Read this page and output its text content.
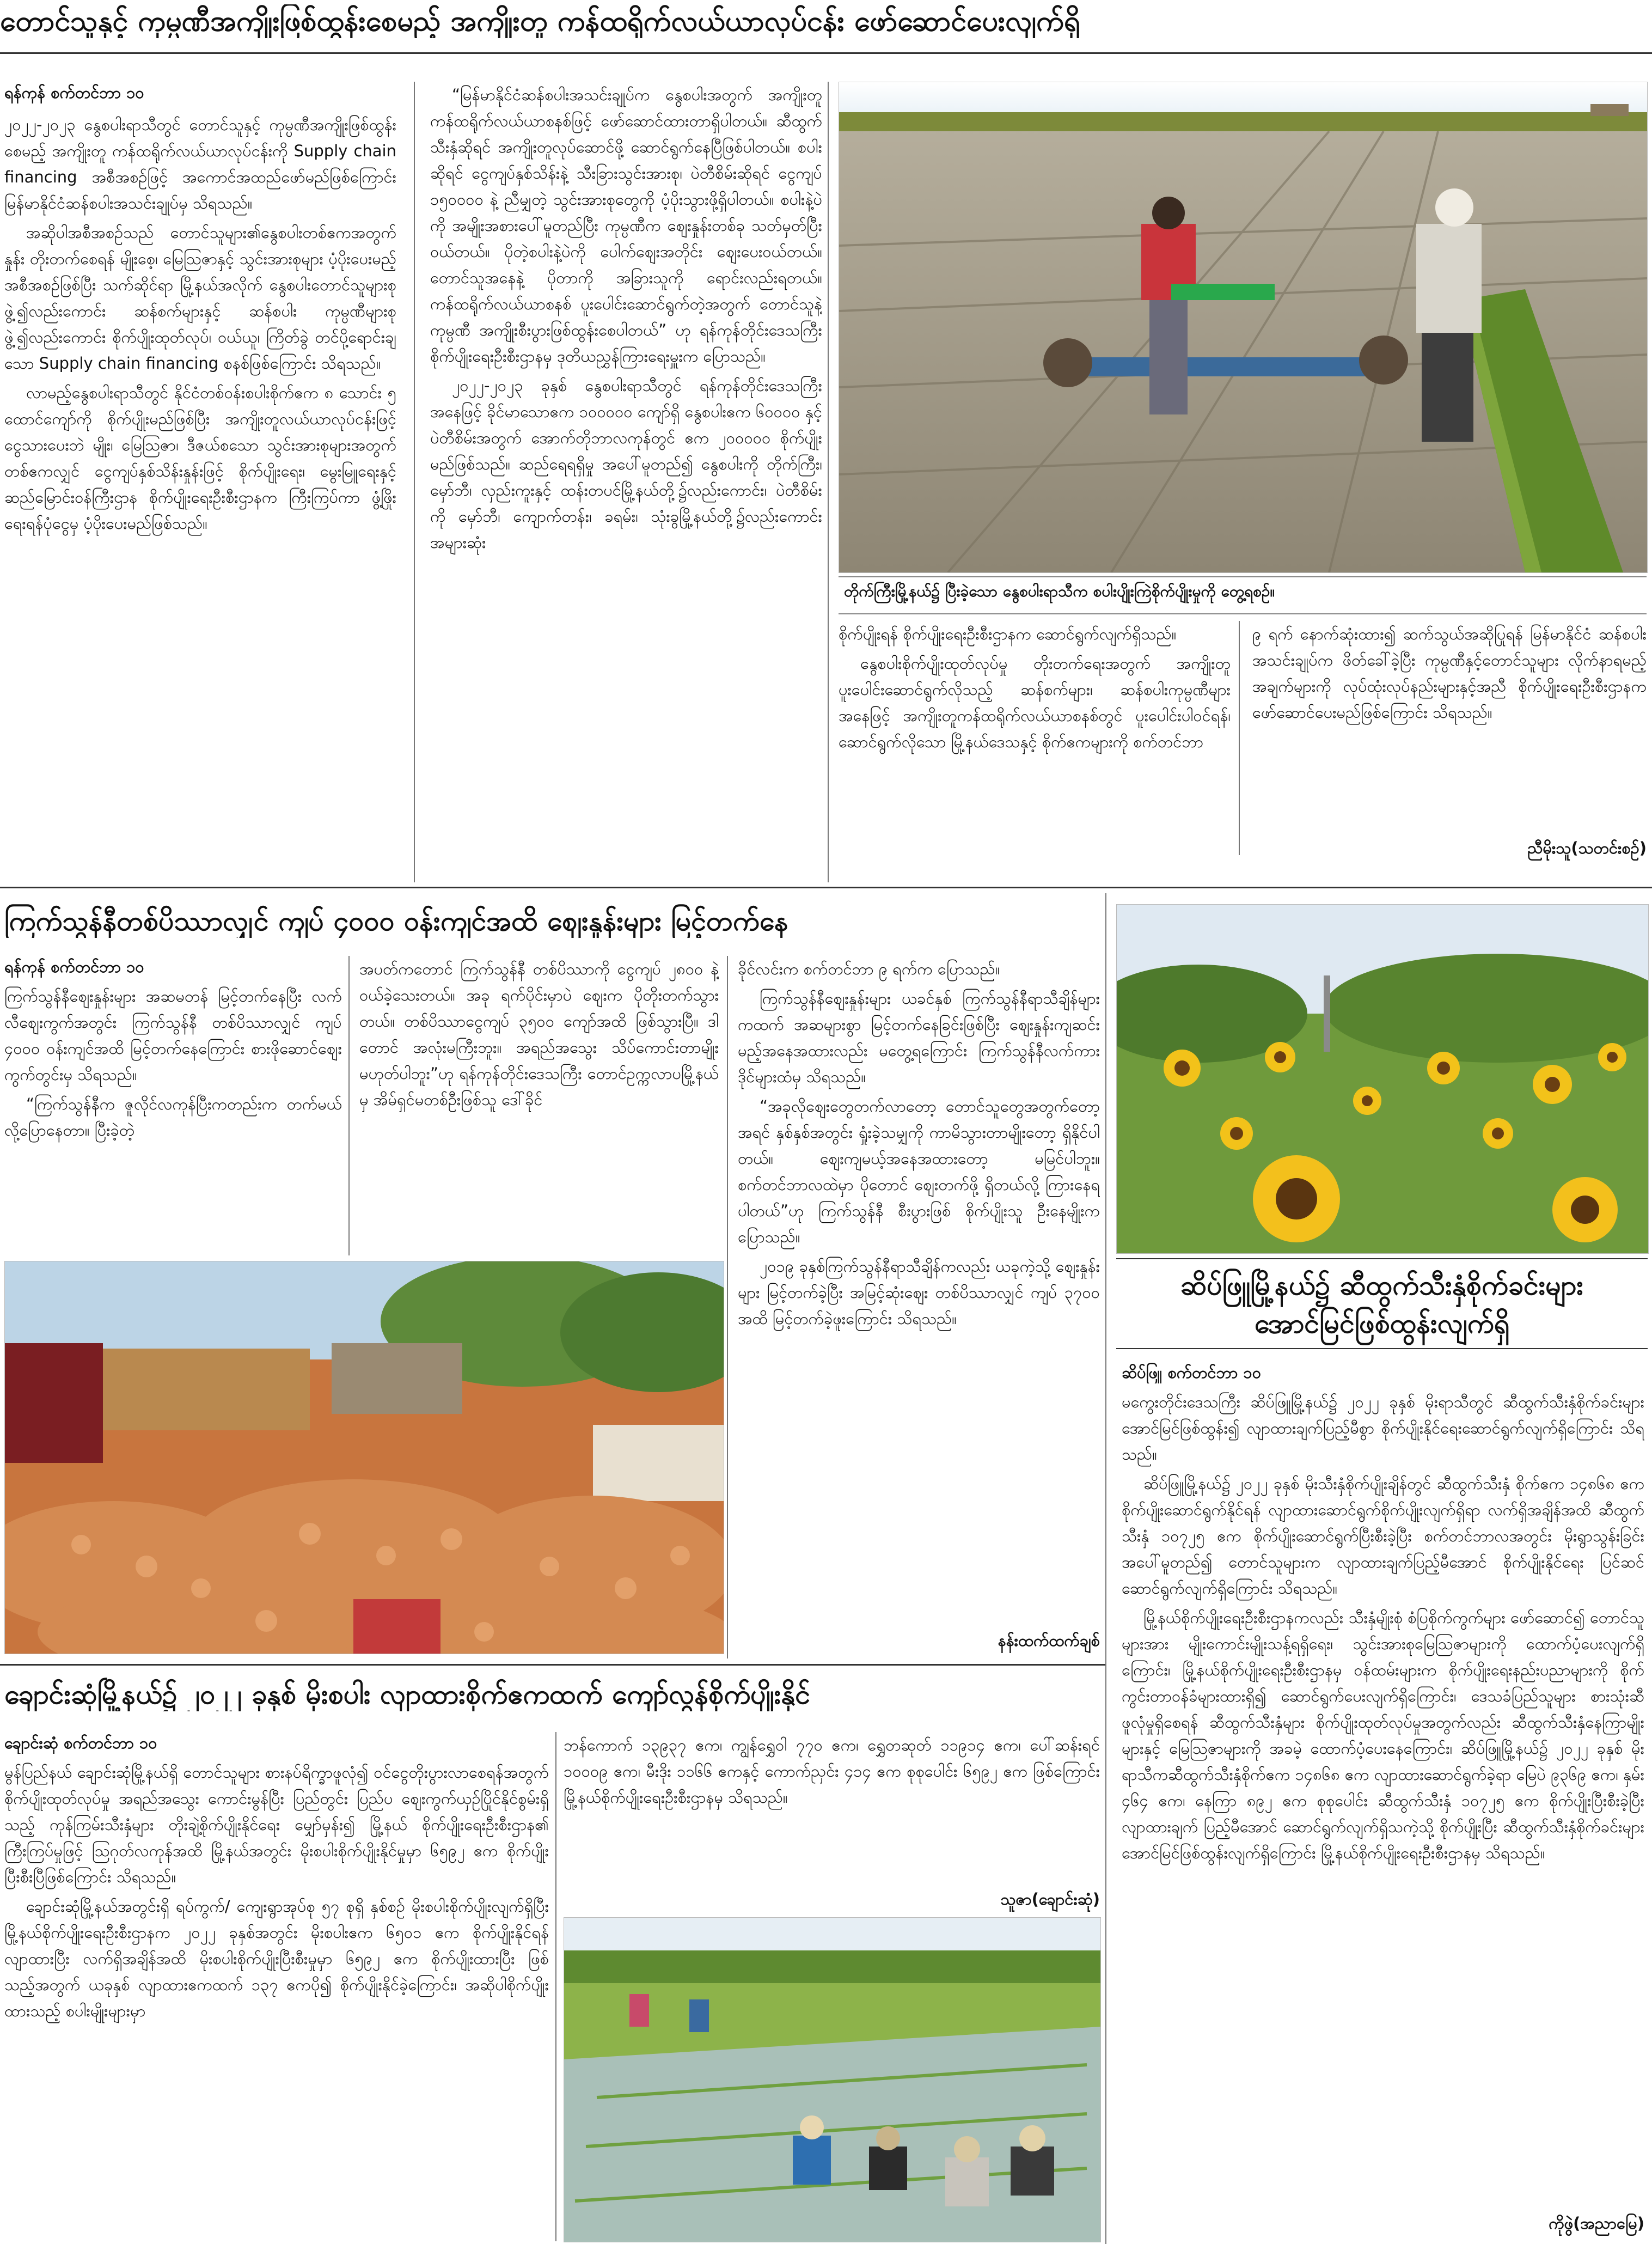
တောင်သူနှင့် ကုမ္ပဏီအကျိုးဖြစ်ထွန်းစေမည့် အကျိုးတူ ကန်ထရိုက်လယ်ယာလုပ်ငန်း ဖော်ဆောင်ပေးလျက်ရှိ

ရန်ကုန် စက်တင်ဘာ ၁၀

၂၀၂၂-၂၀၂၃ နွေစပါးရာသီတွင် တောင်သူနှင့် ကုမ္ပဏီအကျိုးဖြစ်ထွန်းစေမည့် အကျိုးတူ ကန်ထရိုက်လယ်ယာလုပ်ငန်းကို Supply chain financing အစီအစဉ်ဖြင့် အကောင်အထည်ဖော်မည်ဖြစ်ကြောင်း မြန်မာနိုင်ငံဆန်စပါးအသင်းချုပ်မှ သိရသည်။

အဆိုပါအစီအစဉ်သည် တောင်သူများ၏နွေစပါးတစ်ဧကအတွက်နှုန်း တိုးတက်စေရန် မျိုးစေ့၊ မြေသြဇာနှင့် သွင်းအားစုများ ပံ့ပိုးပေးမည့်အစီအစဉ်ဖြစ်ပြီး သက်ဆိုင်ရာ မြို့နယ်အလိုက် နွေစပါးတောင်သူများစုဖွဲ့၍လည်းကောင်း ဆန်စက်များနှင့် ဆန်စပါး ကုမ္ပဏီများစုဖွဲ့၍လည်းကောင်း စိုက်ပျိုးထုတ်လုပ်၊ ဝယ်ယူ၊ ကြိတ်ခွဲ တင်ပို့ရောင်းချသော Supply chain financing စနစ်ဖြစ်ကြောင်း သိရသည်။

လာမည့်နွေစပါးရာသီတွင် နိုင်ငံတစ်ဝန်းစပါးစိုက်ဧက ၈ သောင်း ၅ ထောင်ကျော်ကို စိုက်ပျိုးမည်ဖြစ်ပြီး အကျိုးတူလယ်ယာလုပ်ငန်းဖြင့် ငွေသားပေးဘဲ မျိုး၊ မြေသြဇာ၊ ဒီဇယ်စသော သွင်းအားစုများအတွက် တစ်ဧကလျှင် ငွေကျပ်နှစ်သိန်းနှုန်းဖြင့် စိုက်ပျိုးရေး၊ မွေးမြူရေးနှင့် ဆည်မြောင်းဝန်ကြီးဌာန စိုက်ပျိုးရေးဦးစီးဌာနက ကြီးကြပ်ကာ ဖွံ့ဖြိုးရေးရန်ပုံငွေမှ ပံ့ပိုးပေးမည်ဖြစ်သည်။

“မြန်မာနိုင်ငံဆန်စပါးအသင်းချုပ်က နွေစပါးအတွက် အကျိုးတူကန်ထရိုက်လယ်ယာစနစ်ဖြင့် ဖော်ဆောင်ထားတာရှိပါတယ်။ ဆီထွက်သီးနှံဆိုရင် အကျိုးတူလုပ်ဆောင်ဖို့ ဆောင်ရွက်နေပြီဖြစ်ပါတယ်။ စပါးဆိုရင် ငွေကျပ်နှစ်သိန်းနဲ့ သီးခြားသွင်းအားစု၊ ပဲတီစိမ်းဆိုရင် ငွေကျပ် ၁၅၀၀၀၀ နဲ့ ညီမျှတဲ့ သွင်းအားစုတွေကို ပံ့ပိုးသွားဖို့ရှိပါတယ်။ စပါးနဲ့ပဲကို အမျိုးအစားပေါ်မူတည်ပြီး ကုမ္ပဏီက စျေးနှုန်းတစ်ခု သတ်မှတ်ပြီးဝယ်တယ်။ ပိုတဲ့စပါးနဲ့ပဲကို ပေါက်စျေးအတိုင်း စျေးပေးဝယ်တယ်။ တောင်သူအနေနဲ့ ပိုတာကို အခြားသူကို ရောင်းလည်းရတယ်။ ကန်ထရိုက်လယ်ယာစနစ် ပူးပေါင်းဆောင်ရွက်တဲ့အတွက် တောင်သူနဲ့ ကုမ္ပဏီ အကျိုးစီးပွားဖြစ်ထွန်းစေပါတယ်” ဟု ရန်ကုန်တိုင်းဒေသကြီး စိုက်ပျိုးရေးဦးစီးဌာနမှ ဒုတိယညွှန်ကြားရေးမှူးက ပြောသည်။

၂၀၂၂-၂၀၂၃ ခုနှစ် နွေစပါးရာသီတွင် ရန်ကုန်တိုင်းဒေသကြီးအနေဖြင့် ခိုင်မာသောဧက ၁၀၀၀၀၀ ကျော်ရှိ နွေစပါးဧက ၆၀၀၀၀ နှင့် ပဲတီစိမ်းအတွက် အောက်တိုဘာလကုန်တွင် ဧက ၂၀၀၀၀၀ စိုက်ပျိုးမည်ဖြစ်သည်။ ဆည်ရေရရှိမှု အပေါ်မူတည်၍ နွေစပါးကို တိုက်ကြီး၊ မှော်ဘီ၊ လှည်းကူးနှင့် ထန်းတပင်မြို့နယ်တို့၌လည်းကောင်း၊ ပဲတီစိမ်းကို မှော်ဘီ၊ ကျောက်တန်း၊ ခရမ်း၊ သုံးခွမြို့နယ်တို့၌လည်းကောင်း အများဆုံး

တိုက်ကြီးမြို့နယ်၌ ပြီးခဲ့သော နွေစပါးရာသီက စပါးပျိုးကြဲစိုက်ပျိုးမှုကို တွေ့ရစဉ်။

စိုက်ပျိုးရန် စိုက်ပျိုးရေးဦးစီးဌာနက ဆောင်ရွက်လျက်ရှိသည်။

နွေစပါးစိုက်ပျိုးထုတ်လုပ်မှု တိုးတက်ရေးအတွက် အကျိုးတူပူးပေါင်းဆောင်ရွက်လိုသည့် ဆန်စက်များ၊ ဆန်စပါးကုမ္ပဏီများအနေဖြင့် အကျိုးတူကန်ထရိုက်လယ်ယာစနစ်တွင် ပူးပေါင်းပါဝင်ရန်၊ ဆောင်ရွက်လိုသော မြို့နယ်ဒေသနှင့် စိုက်ဧကများကို စက်တင်ဘာ

၉ ရက် နောက်ဆုံးထား၍ ဆက်သွယ်အဆိုပြုရန် မြန်မာနိုင်ငံ ဆန်စပါးအသင်းချုပ်က ဖိတ်ခေါ်ခဲ့ပြီး ကုမ္ပဏီနှင့်တောင်သူများ လိုက်နာရမည့် အချက်များကို လုပ်ထုံးလုပ်နည်းများနှင့်အညီ စိုက်ပျိုးရေးဦးစီးဌာနက ဖော်ဆောင်ပေးမည်ဖြစ်ကြောင်း သိရသည်။

ညီမိုးသူ(သတင်းစဉ်)

ကြက်သွန်နီတစ်ပိဿာလျှင် ကျပ် ၄၀၀၀ ဝန်းကျင်အထိ စျေးနှုန်းများ မြင့်တက်နေ

ရန်ကုန် စက်တင်ဘာ ၁၀

ကြက်သွန်နီစျေးနှုန်းများ အဆမတန် မြင့်တက်နေပြီး လက်လီစျေးကွက်အတွင်း ကြက်သွန်နီ တစ်ပိဿာလျှင် ကျပ် ၄၀၀၀ ဝန်းကျင်အထိ မြင့်တက်နေကြောင်း စားဖိုဆောင်စျေးကွက်တွင်းမှ သိရသည်။

“ကြက်သွန်နီက ဇူလိုင်လကုန်ပြီးကတည်းက တက်မယ်လို့ပြောနေတာ။ ပြီးခဲ့တဲ့

အပတ်ကတောင် ကြက်သွန်နီ တစ်ပိဿာကို ငွေကျပ် ၂၈၀၀ နဲ့ ဝယ်ခဲ့သေးတယ်။ အခု ရက်ပိုင်းမှာပဲ စျေးက ပိုတိုးတက်သွားတယ်။ တစ်ပိဿာငွေကျပ် ၃၅၀၀ ကျော်အထိ ဖြစ်သွားပြီ။ ဒါတောင် အလုံးမကြီးဘူး။ အရည်အသွေး သိပ်ကောင်းတာမျိုး မဟုတ်ပါဘူး”ဟု ရန်ကုန်တိုင်းဒေသကြီး တောင်ဥက္ကလာပမြို့နယ်မှ အိမ်ရှင်မတစ်ဦးဖြစ်သူ ဒေါ်ခိုင်

ခိုင်လင်းက စက်တင်ဘာ ၉ ရက်က ပြောသည်။

ကြက်သွန်နီစျေးနှုန်းများ ယခင်နှစ် ကြက်သွန်နီရာသီချိန်များကထက် အဆများစွာ မြင့်တက်နေခြင်းဖြစ်ပြီး စျေးနှုန်းကျဆင်းမည့်အနေအထားလည်း မတွေ့ရကြောင်း ကြက်သွန်နီလက်ကားဒိုင်များထံမှ သိရသည်။

“အခုလိုစျေးတွေတက်လာတော့ တောင်သူတွေအတွက်တော့ အရင် နှစ်နှစ်အတွင်း ရှုံးခဲ့သမျှကို ကာမိသွားတာမျိုးတော့ ရှိနိုင်ပါတယ်။ စျေးကျမယ့်အနေအထားတော့ မမြင်ပါဘူး။ စက်တင်ဘာလထဲမှာ ပိုတောင် စျေးတက်ဖို့ ရှိတယ်လို့ ကြားနေရပါတယ်”ဟု ကြက်သွန်နီ စီးပွားဖြစ် စိုက်ပျိုးသူ ဦးနေမျိုးက ပြောသည်။

၂၀၁၉ ခုနှစ်ကြက်သွန်နီရာသီချိန်ကလည်း ယခုကဲ့သို့ စျေးနှုန်းများ မြင့်တက်ခဲ့ပြီး အမြင့်ဆုံးစျေး တစ်ပိဿာလျှင် ကျပ် ၃၇၀၀ အထိ မြင့်တက်ခဲ့ဖူးကြောင်း သိရသည်။

နန်းထက်ထက်ချစ်

ဆိပ်ဖြူမြို့နယ်၌ ဆီထွက်သီးနှံစိုက်ခင်းများ
အောင်မြင်ဖြစ်ထွန်းလျက်ရှိ

ဆိပ်ဖြူ စက်တင်ဘာ ၁၀

မကွေးတိုင်းဒေသကြီး ဆိပ်ဖြူမြို့နယ်၌ ၂၀၂၂ ခုနှစ် မိုးရာသီတွင် ဆီထွက်သီးနှံစိုက်ခင်းများအောင်မြင်ဖြစ်ထွန်း၍ လျာထားချက်ပြည့်မီစွာ စိုက်ပျိုးနိုင်ရေးဆောင်ရွက်လျက်ရှိကြောင်း သိရသည်။

ဆိပ်ဖြူမြို့နယ်၌ ၂၀၂၂ ခုနှစ် မိုးသီးနှံစိုက်ပျိုးချိန်တွင် ဆီထွက်သီးနှံ စိုက်ဧက ၁၄၈၆၈ ဧက စိုက်ပျိုးဆောင်ရွက်နိုင်ရန် လျာထားဆောင်ရွက်စိုက်ပျိုးလျက်ရှိရာ လက်ရှိအချိန်အထိ ဆီထွက်သီးနှံ ၁၀၇၂၅ ဧက စိုက်ပျိုးဆောင်ရွက်ပြီးစီးခဲ့ပြီး စက်တင်ဘာလအတွင်း မိုးရွာသွန်းခြင်းအပေါ်မူတည်၍ တောင်သူများက လျာထားချက်ပြည့်မီအောင် စိုက်ပျိုးနိုင်ရေး ပြင်ဆင်ဆောင်ရွက်လျက်ရှိကြောင်း သိရသည်။

မြို့နယ်စိုက်ပျိုးရေးဦးစီးဌာနကလည်း သီးနှံမျိုးစုံ စံပြစိုက်ကွက်များ ဖော်ဆောင်၍ တောင်သူများအား မျိုးကောင်းမျိုးသန့်ရရှိရေး၊ သွင်းအားစုမြေသြဇာများကို ထောက်ပံ့ပေးလျက်ရှိကြောင်း၊ မြို့နယ်စိုက်ပျိုးရေးဦးစီးဌာနမှ ဝန်ထမ်းများက စိုက်ပျိုးရေးနည်းပညာများကို စိုက်ကွင်းတာဝန်ခံများထားရှိ၍ ဆောင်ရွက်ပေးလျက်ရှိကြောင်း၊ ဒေသခံပြည်သူများ စားသုံးဆီဖူလုံမှုရှိစေရန် ဆီထွက်သီးနှံများ စိုက်ပျိုးထုတ်လုပ်မှုအတွက်လည်း ဆီထွက်သီးနှံနေကြာမျိုးများနှင့် မြေသြဇာများကို အခမဲ့ ထောက်ပံ့ပေးနေကြောင်း၊ ဆိပ်ဖြူမြို့နယ်၌ ၂၀၂၂ ခုနှစ် မိုးရာသီကဆီထွက်သီးနှံစိုက်ဧက ၁၄၈၆၈ ဧက လျာထားဆောင်ရွက်ခဲ့ရာ မြေပဲ ၉၃၆၉ ဧက၊ နှမ်း ၄၆၄ ဧက၊ နေကြာ ၈၉၂ ဧက စုစုပေါင်း ဆီထွက်သီးနှံ ၁၀၇၂၅ ဧက စိုက်ပျိုးပြီးစီးခဲ့ပြီး လျာထားချက် ပြည့်မီအောင် ဆောင်ရွက်လျက်ရှိသကဲ့သို့ စိုက်ပျိုးပြီး ဆီထွက်သီးနှံစိုက်ခင်းများ အောင်မြင်ဖြစ်ထွန်းလျက်ရှိကြောင်း မြို့နယ်စိုက်ပျိုးရေးဦးစီးဌာနမှ သိရသည်။

ကိုဖွဲ(အညာမြေ)

ချောင်းဆုံမြို့နယ်၌ ၂၀၂၂ ခုနှစ် မိုးစပါး လျာထားစိုက်ဧကထက် ကျော်လွန်စိုက်ပျိုးနိုင်

ချောင်းဆုံ စက်တင်ဘာ ၁၀

မွန်ပြည်နယ် ချောင်းဆုံမြို့နယ်ရှိ တောင်သူများ စားနပ်ရိက္ခာဖူလုံ၍ ဝင်ငွေတိုးပွားလာစေရန်အတွက် စိုက်ပျိုးထုတ်လုပ်မှု အရည်အသွေး ကောင်းမွန်ပြီး ပြည်တွင်း ပြည်ပ စျေးကွက်ယှဉ်ပြိုင်နိုင်စွမ်းရှိသည့် ကုန်ကြမ်းသီးနှံများ တိုးချဲ့စိုက်ပျိုးနိုင်ရေး မျှော်မှန်း၍ မြို့နယ် စိုက်ပျိုးရေးဦးစီးဌာန၏ ကြီးကြပ်မှုဖြင့် ဩဂုတ်လကုန်အထိ မြို့နယ်အတွင်း မိုးစပါးစိုက်ပျိုးနိုင်မှုမှာ ၆၅၉၂ ဧက စိုက်ပျိုးပြီးစီးပြီဖြစ်ကြောင်း သိရသည်။

ချောင်းဆုံမြို့နယ်အတွင်းရှိ ရပ်ကွက်/ ကျေးရွာအုပ်စု ၅၇ စုရှိ နှစ်စဉ် မိုးစပါးစိုက်ပျိုးလျက်ရှိပြီး မြို့နယ်စိုက်ပျိုးရေးဦးစီးဌာနက ၂၀၂၂ ခုနှစ်အတွင်း မိုးစပါးဧက ၆၅၀၁ ဧက စိုက်ပျိုးနိုင်ရန် လျာထားပြီး လက်ရှိအချိန်အထိ မိုးစပါးစိုက်ပျိုးပြီးစီးမှုမှာ ၆၅၉၂ ဧက စိုက်ပျိုးထားပြီး ဖြစ်သည့်အတွက် ယခုနှစ် လျာထားဧကထက် ၁၃၇ ဧကပို၍ စိုက်ပျိုးနိုင်ခဲ့ကြောင်း၊ အဆိုပါစိုက်ပျိုးထားသည့် စပါးမျိုးများမှာ

ဘန်ကောက် ၁၃၉၃၇ ဧက၊ ကျွန်ရွှေဝါ ၇၇၀ ဧက၊ ရွှေတဆုတ် ၁၁၉၁၄ ဧက၊ ပေါ်ဆန်းရင် ၁၀၀၀၉ ဧက၊ မီးဒိုး ၁၁၆၆ ဧကနှင့် ကောက်ညှင်း ၄၁၄ ဧက စုစုပေါင်း ၆၅၉၂ ဧက ဖြစ်ကြောင်း မြို့နယ်စိုက်ပျိုးရေးဦးစီးဌာနမှ သိရသည်။

သူဇာ(ချောင်းဆုံ)
